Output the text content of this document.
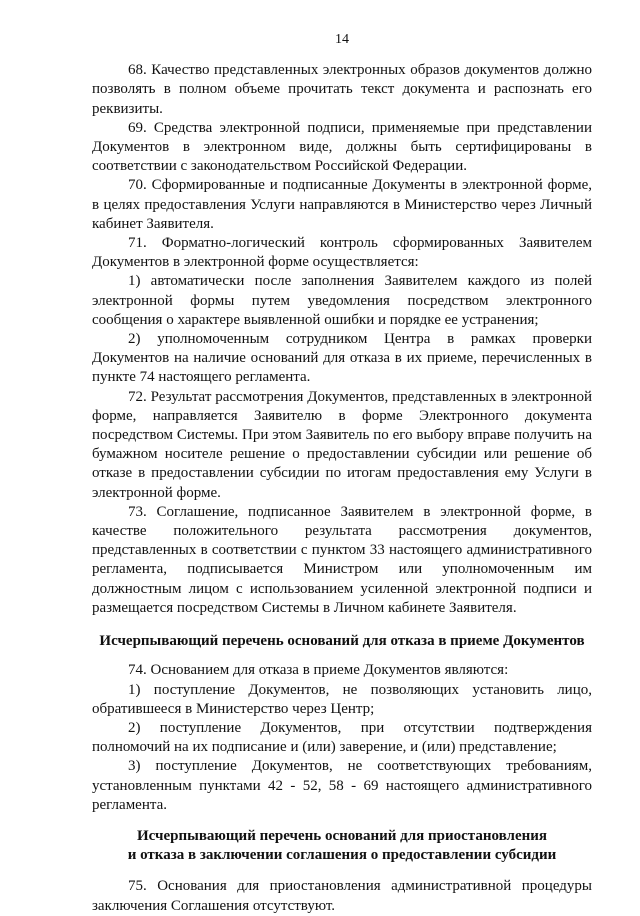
14

68. Качество представленных электронных образов документов должно позволять в полном объеме прочитать текст документа и распознать его реквизиты.

69. Средства электронной подписи, применяемые при представлении Документов в электронном виде, должны быть сертифицированы в соответствии с законодательством Российской Федерации.

70. Сформированные и подписанные Документы в электронной форме, в целях предоставления Услуги направляются в Министерство через Личный кабинет Заявителя.

71. Форматно-логический контроль сформированных Заявителем Документов в электронной форме осуществляется:

1) автоматически после заполнения Заявителем каждого из полей электронной формы путем уведомления посредством электронного сообщения о характере выявленной ошибки и порядке ее устранения;

2) уполномоченным сотрудником Центра в рамках проверки Документов на наличие оснований для отказа в их приеме, перечисленных в пункте 74 настоящего регламента.

72. Результат рассмотрения Документов, представленных в электронной форме, направляется Заявителю в форме Электронного документа посредством Системы. При этом Заявитель по его выбору вправе получить на бумажном носителе решение о предоставлении субсидии или решение об отказе в предоставлении субсидии по итогам предоставления ему Услуги в электронной форме.

73. Соглашение, подписанное Заявителем в электронной форме, в качестве положительного результата рассмотрения документов, представленных в соответствии с пунктом 33 настоящего административного регламента, подписывается Министром или уполномоченным им должностным лицом с использованием усиленной электронной подписи и размещается посредством Системы в Личном кабинете Заявителя.

Исчерпывающий перечень оснований для отказа в приеме Документов

74. Основанием для отказа в приеме Документов являются:

1) поступление Документов, не позволяющих установить лицо, обратившееся в Министерство через Центр;

2) поступление Документов, при отсутствии подтверждения полномочий на их подписание и (или) заверение, и (или) представление;

3) поступление Документов, не соответствующих требованиям, установленным пунктами 42 - 52, 58 - 69 настоящего административного регламента.

Исчерпывающий перечень оснований для приостановления
и отказа в заключении соглашения о предоставлении субсидии

75. Основания для приостановления административной процедуры заключения Соглашения отсутствуют.
